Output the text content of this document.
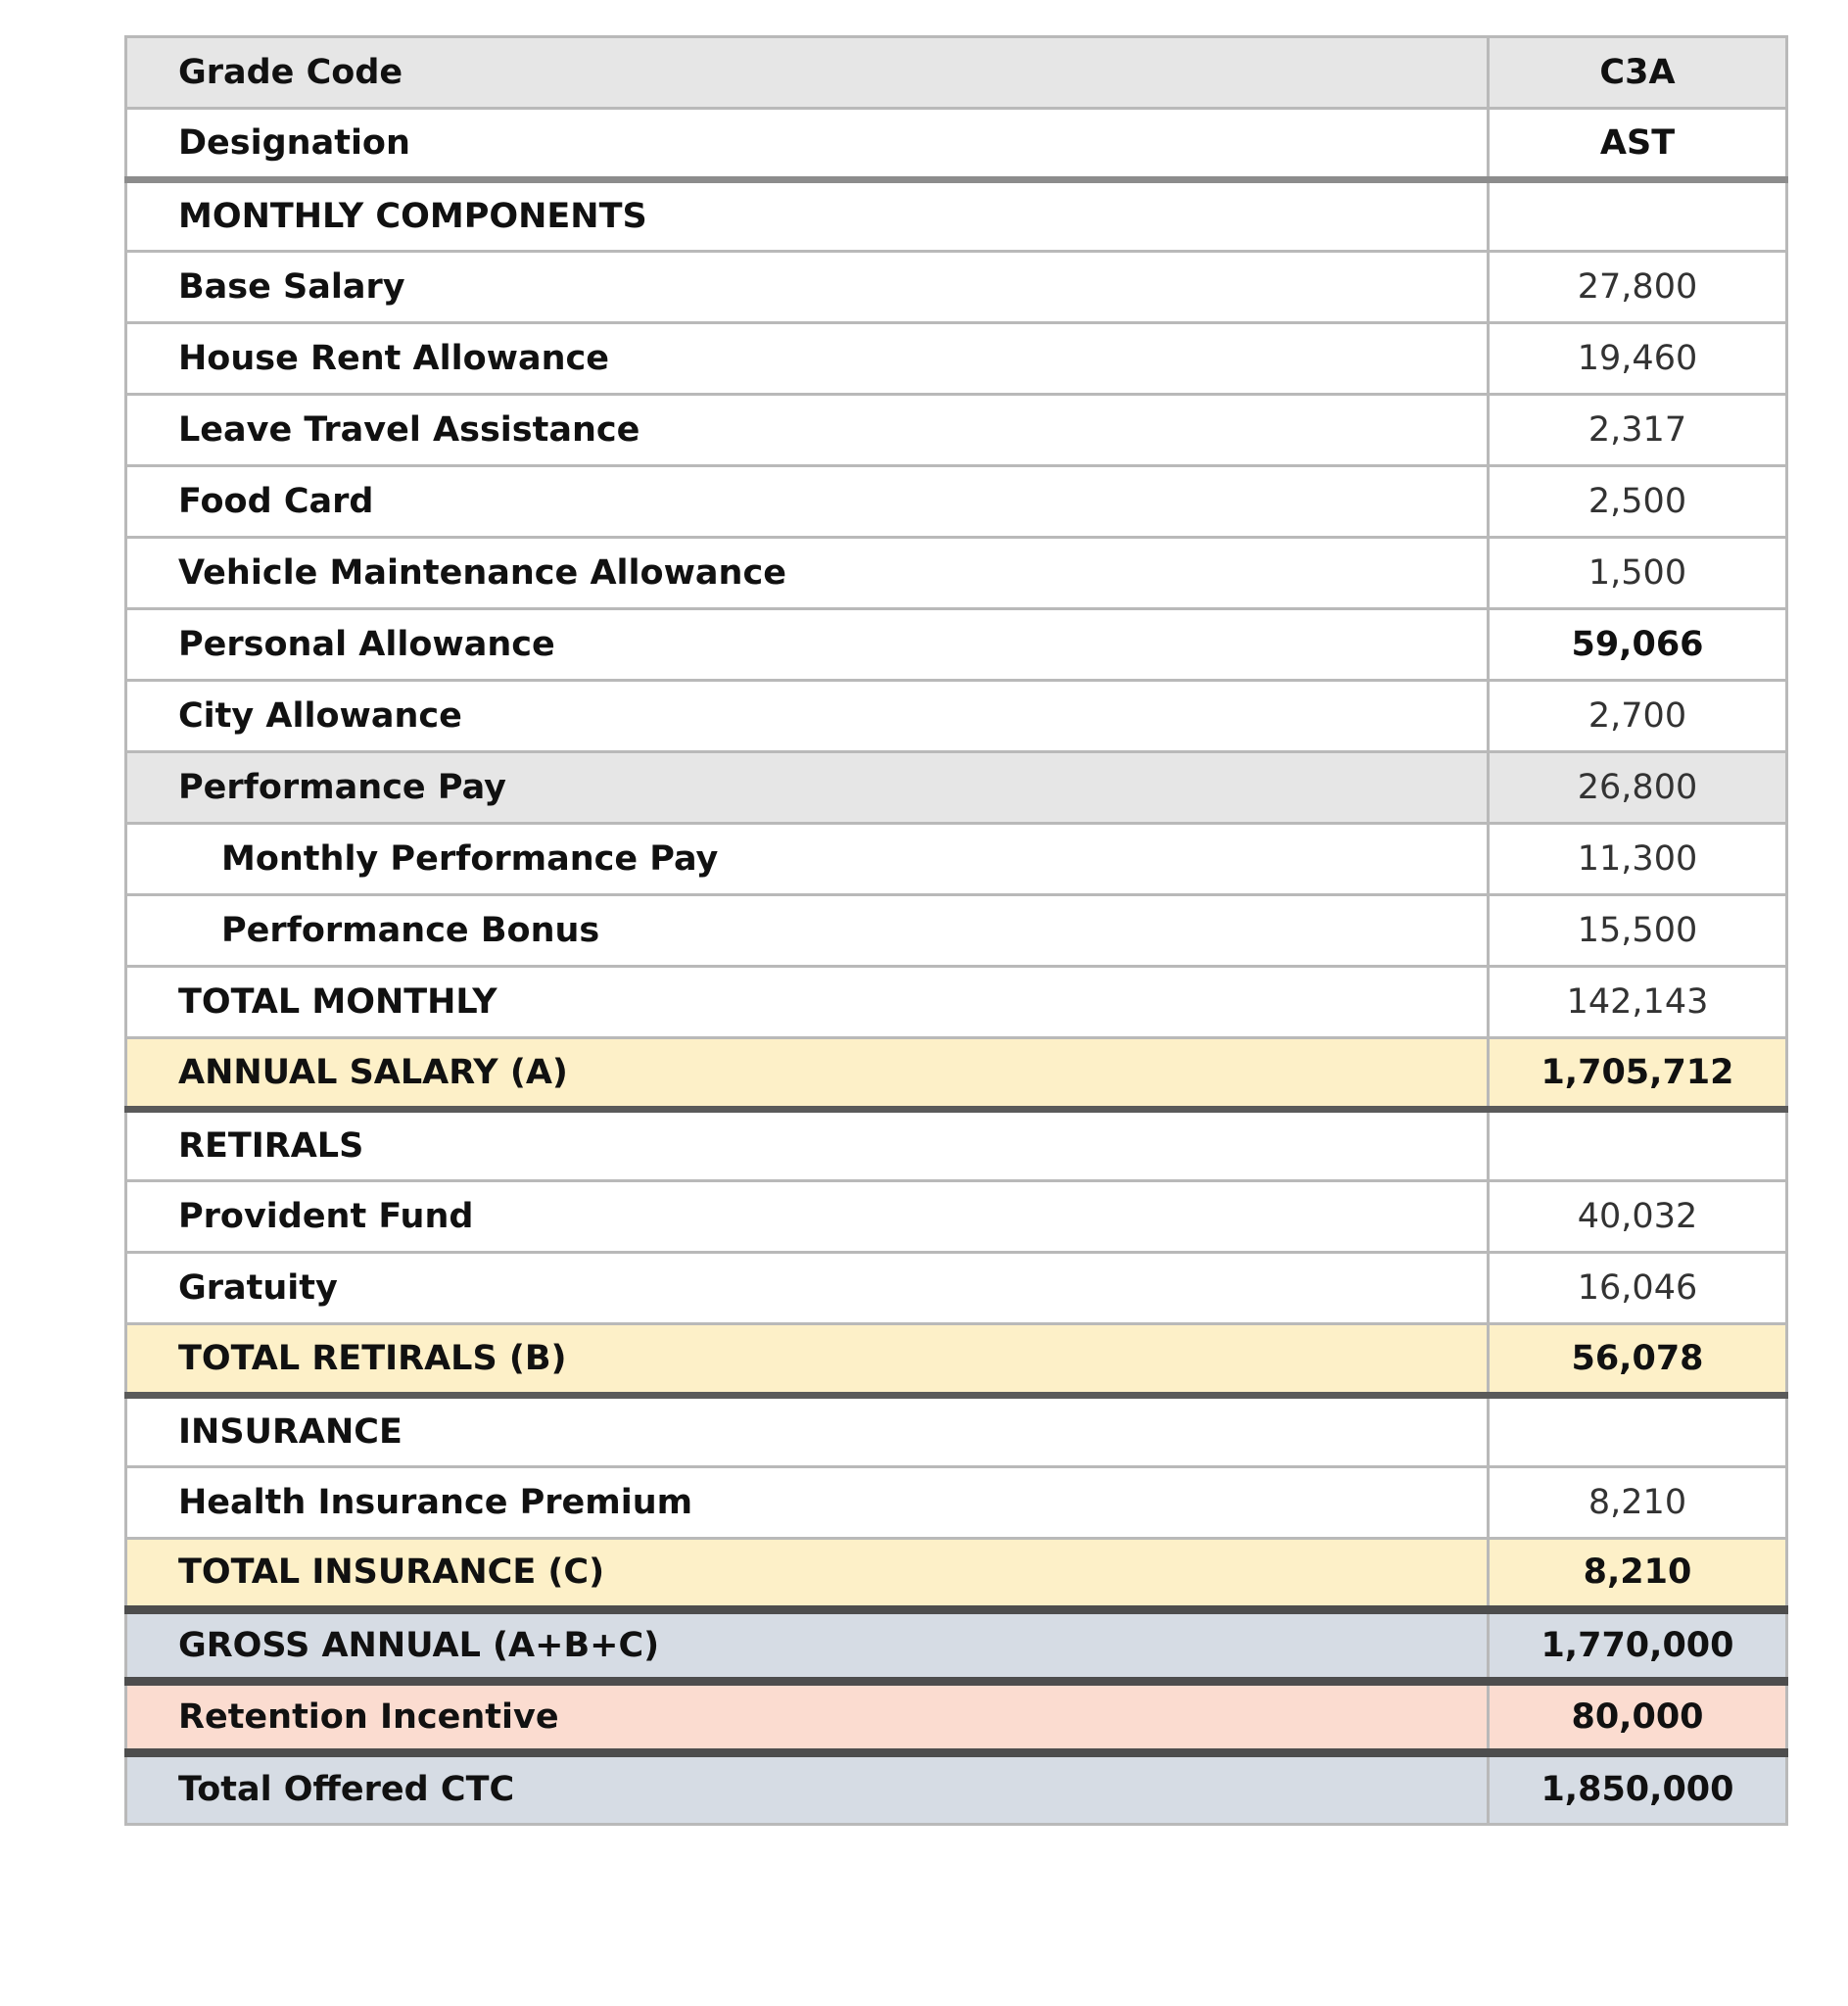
Grade Code	C3A
Designation	AST
MONTHLY COMPONENTS	
Base Salary	27,800
House Rent Allowance	19,460
Leave Travel Assistance	2,317
Food Card	2,500
Vehicle Maintenance Allowance	1,500
Personal Allowance	59,066
City Allowance	2,700
Performance Pay	26,800
Monthly Performance Pay	11,300
Performance Bonus	15,500
TOTAL MONTHLY	142,143
ANNUAL SALARY (A)	1,705,712
RETIRALS	
Provident Fund	40,032
Gratuity	16,046
TOTAL RETIRALS (B)	56,078
INSURANCE	
Health Insurance Premium	8,210
TOTAL INSURANCE (C)	8,210
GROSS ANNUAL (A+B+C)	1,770,000
Retention Incentive	80,000
Total Offered CTC	1,850,000
